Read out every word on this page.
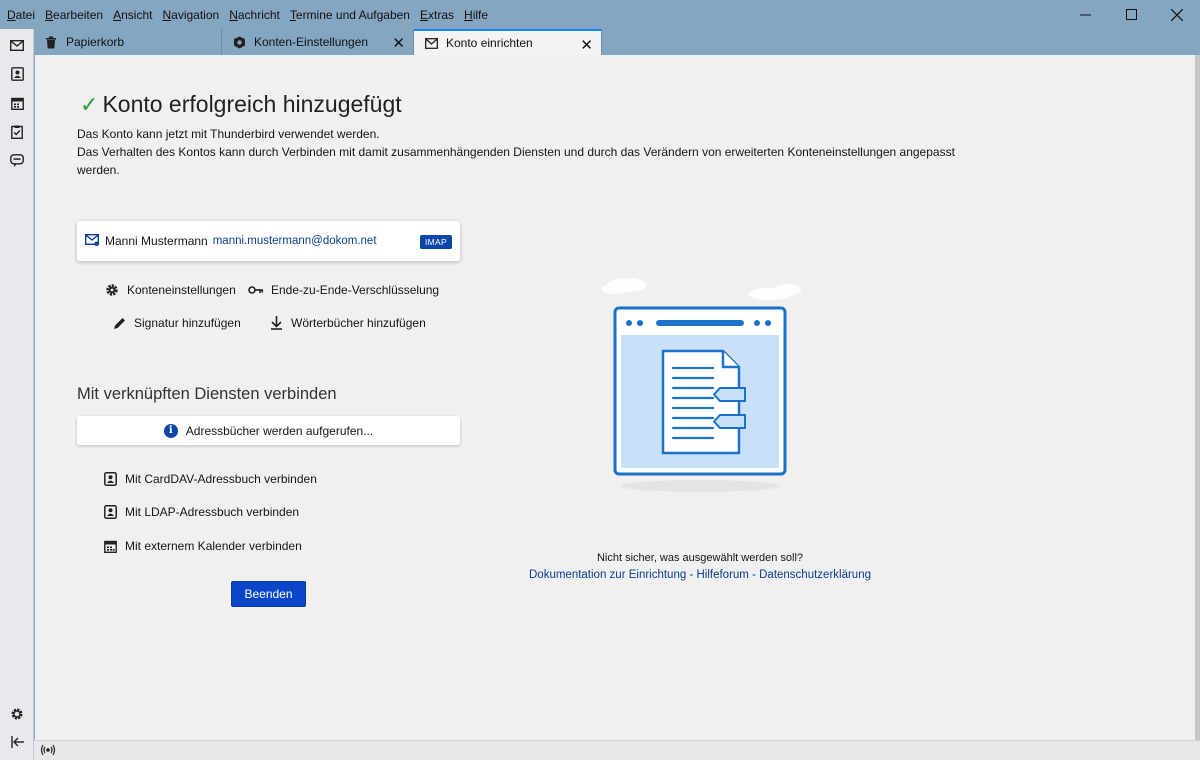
Datei Bearbeiten Ansicht Navigation Nachricht Termine und Aufgaben Extras Hilfe
Papierkorb	Konten-Einstellungen ✕	Konto einrichten	✕
✓ Konto erfolgreich hinzugefügt
Das Konto kann jetzt mit Thunderbird verwendet werden.
Das Verhalten des Kontos kann durch Verbinden mit damit zusammenhängenden Diensten und durch das Verändern von erweiterten Konteneinstellungen angepasst
werden.
Manni Mustermann manni.mustermann@dokom.net	IMAP
Konteneinstellungen	Ende-zu-Ende-Verschlüsselung
Signatur hinzufügen	Wörterbücher hinzufügen
Mit verknüpften Diensten verbinden
i	Adressbücher werden aufgerufen...
Mit CardDAV-Adressbuch verbinden
Mit LDAP-Adressbuch verbinden
Mit externem Kalender verbinden
Beenden
Nicht sicher, was ausgewählt werden soll?
Dokumentation zur Einrichtung - Hilfeforum - Datenschutzerklärung
